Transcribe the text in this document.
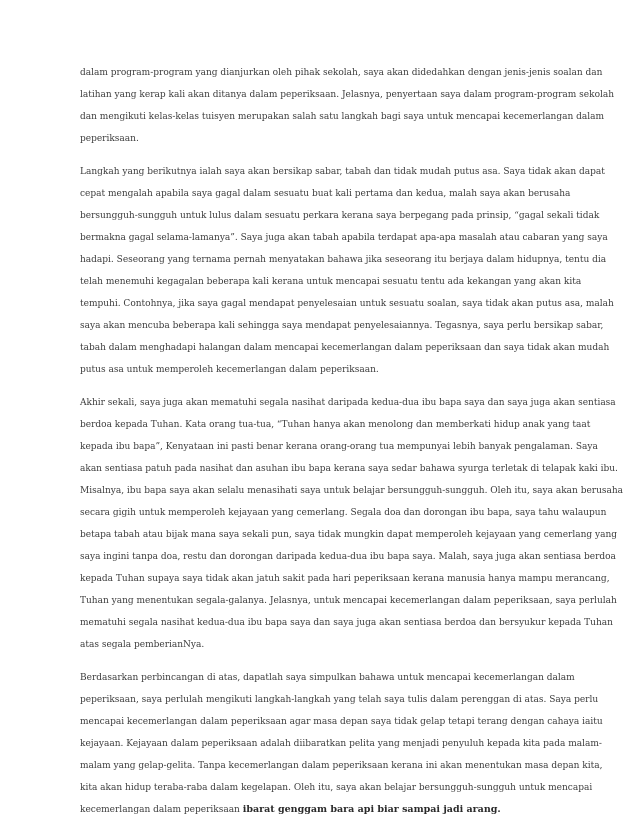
dalam program-program yang dianjurkan oleh pihak sekolah, saya akan didedahkan dengan jenis-jenis soalan dan
latihan yang kerap kali akan ditanya dalam peperiksaan. Jelasnya, penyertaan saya dalam program-program sekolah
dan mengikuti kelas-kelas tuisyen merupakan salah satu langkah bagi saya untuk mencapai kecemerlangan dalam
peperiksaan.
Langkah yang berikutnya ialah saya akan bersikap sabar, tabah dan tidak mudah putus asa. Saya tidak akan dapat
cepat mengalah apabila saya gagal dalam sesuatu buat kali pertama dan kedua, malah saya akan berusaha
bersungguh-sungguh untuk lulus dalam sesuatu perkara kerana saya berpegang pada prinsip, “gagal sekali tidak
bermakna gagal selama-lamanya”. Saya juga akan tabah apabila terdapat apa-apa masalah atau cabaran yang saya
hadapi. Seseorang yang ternama pernah menyatakan bahawa jika seseorang itu berjaya dalam hidupnya, tentu dia
telah menemuhi kegagalan beberapa kali kerana untuk mencapai sesuatu tentu ada kekangan yang akan kita
tempuhi. Contohnya, jika saya gagal mendapat penyelesaian untuk sesuatu soalan, saya tidak akan putus asa, malah
saya akan mencuba beberapa kali sehingga saya mendapat penyelesaiannya. Tegasnya, saya perlu bersikap sabar,
tabah dalam menghadapi halangan dalam mencapai kecemerlangan dalam peperiksaan dan saya tidak akan mudah
putus asa untuk memperoleh kecemerlangan dalam peperiksaan.
Akhir sekali, saya juga akan mematuhi segala nasihat daripada kedua-dua ibu bapa saya dan saya juga akan sentiasa
berdoa kepada Tuhan. Kata orang tua-tua, “Tuhan hanya akan menolong dan memberkati hidup anak yang taat
kepada ibu bapa”, Kenyataan ini pasti benar kerana orang-orang tua mempunyai lebih banyak pengalaman. Saya
akan sentiasa patuh pada nasihat dan asuhan ibu bapa kerana saya sedar bahawa syurga terletak di telapak kaki ibu.
Misalnya, ibu bapa saya akan selalu menasihati saya untuk belajar bersungguh-sungguh. Oleh itu, saya akan berusaha
secara gigih untuk memperoleh kejayaan yang cemerlang. Segala doa dan dorongan ibu bapa, saya tahu walaupun
betapa tabah atau bijak mana saya sekali pun, saya tidak mungkin dapat memperoleh kejayaan yang cemerlang yang
saya ingini tanpa doa, restu dan dorongan daripada kedua-dua ibu bapa saya. Malah, saya juga akan sentiasa berdoa
kepada Tuhan supaya saya tidak akan jatuh sakit pada hari peperiksaan kerana manusia hanya mampu merancang,
Tuhan yang menentukan segala-galanya. Jelasnya, untuk mencapai kecemerlangan dalam peperiksaan, saya perlulah
mematuhi segala nasihat kedua-dua ibu bapa saya dan saya juga akan sentiasa berdoa dan bersyukur kepada Tuhan
atas segala pemberianNya.
Berdasarkan perbincangan di atas, dapatlah saya simpulkan bahawa untuk mencapai kecemerlangan dalam
peperiksaan, saya perlulah mengikuti langkah-langkah yang telah saya tulis dalam perenggan di atas. Saya perlu
mencapai kecemerlangan dalam peperiksaan agar masa depan saya tidak gelap tetapi terang dengan cahaya iaitu
kejayaan. Kejayaan dalam peperiksaan adalah diibaratkan pelita yang menjadi penyuluh kepada kita pada malam-
malam yang gelap-gelita. Tanpa kecemerlangan dalam peperiksaan kerana ini akan menentukan masa depan kita,
kita akan hidup teraba-raba dalam kegelapan. Oleh itu, saya akan belajar bersungguh-sungguh untuk mencapai
kecemerlangan dalam peperiksaan ibarat genggam bara api biar sampai jadi arang.
